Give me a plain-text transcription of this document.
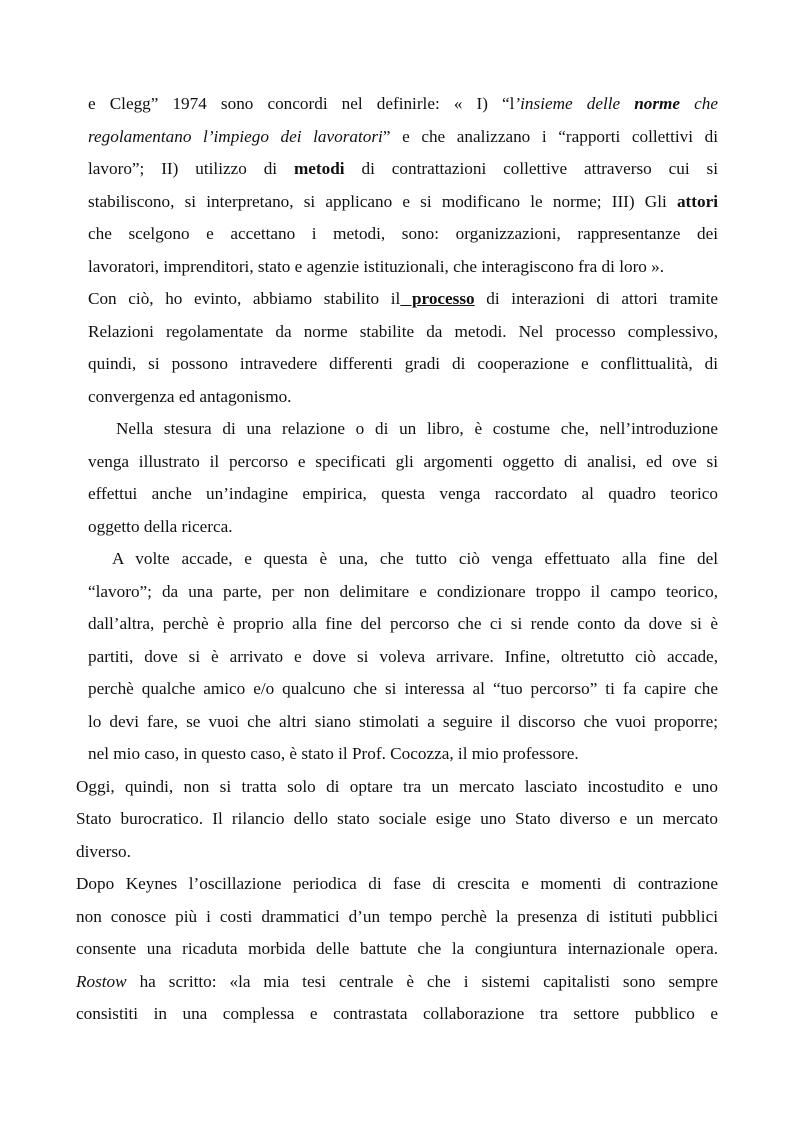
e Clegg” 1974 sono concordi nel definirle: « I) “l’insieme delle norme che
regolamentano l’impiego dei lavoratori” e che analizzano i “rapporti collettivi di
lavoro”; II) utilizzo di metodi di contrattazioni collettive attraverso cui si
stabiliscono, si interpretano, si applicano e si modificano le norme; III) Gli attori
che scelgono e accettano i metodi, sono: organizzazioni, rappresentanze dei
lavoratori, imprenditori, stato e agenzie istituzionali, che interagiscono fra di loro ».
Con ciò, ho evinto, abbiamo stabilito il processo di interazioni di attori tramite
Relazioni regolamentate da norme stabilite da metodi. Nel processo complessivo,
quindi, si possono intravedere differenti gradi di cooperazione e conflittualità, di
convergenza ed antagonismo.
Nella stesura di una relazione o di un libro, è costume che, nell’introduzione
venga illustrato il percorso e specificati gli argomenti oggetto di analisi, ed ove si
effettui anche un’indagine empirica, questa venga raccordato al quadro teorico
oggetto della ricerca.
A volte accade, e questa è una, che tutto ciò venga effettuato alla fine del
“lavoro”; da una parte, per non delimitare e condizionare troppo il campo teorico,
dall’altra, perchè è proprio alla fine del percorso che ci si rende conto da dove si è
partiti, dove si è arrivato e dove si voleva arrivare. Infine, oltretutto ciò accade,
perchè qualche amico e/o qualcuno che si interessa al “tuo percorso” ti fa capire che
lo devi fare, se vuoi che altri siano stimolati a seguire il discorso che vuoi proporre;
nel mio caso, in questo caso, è stato il Prof. Cocozza, il mio professore.
Oggi, quindi, non si tratta solo di optare tra un mercato lasciato incostudito e uno
Stato burocratico. Il rilancio dello stato sociale esige uno Stato diverso e un mercato
diverso.
Dopo Keynes l’oscillazione periodica di fase di crescita e momenti di contrazione
non conosce più i costi drammatici d’un tempo perchè la presenza di istituti pubblici
consente una ricaduta morbida delle battute che la congiuntura internazionale opera.
Rostow ha scritto: «la mia tesi centrale è che i sistemi capitalisti sono sempre
consistiti in una complessa e contrastata collaborazione tra settore pubblico e
